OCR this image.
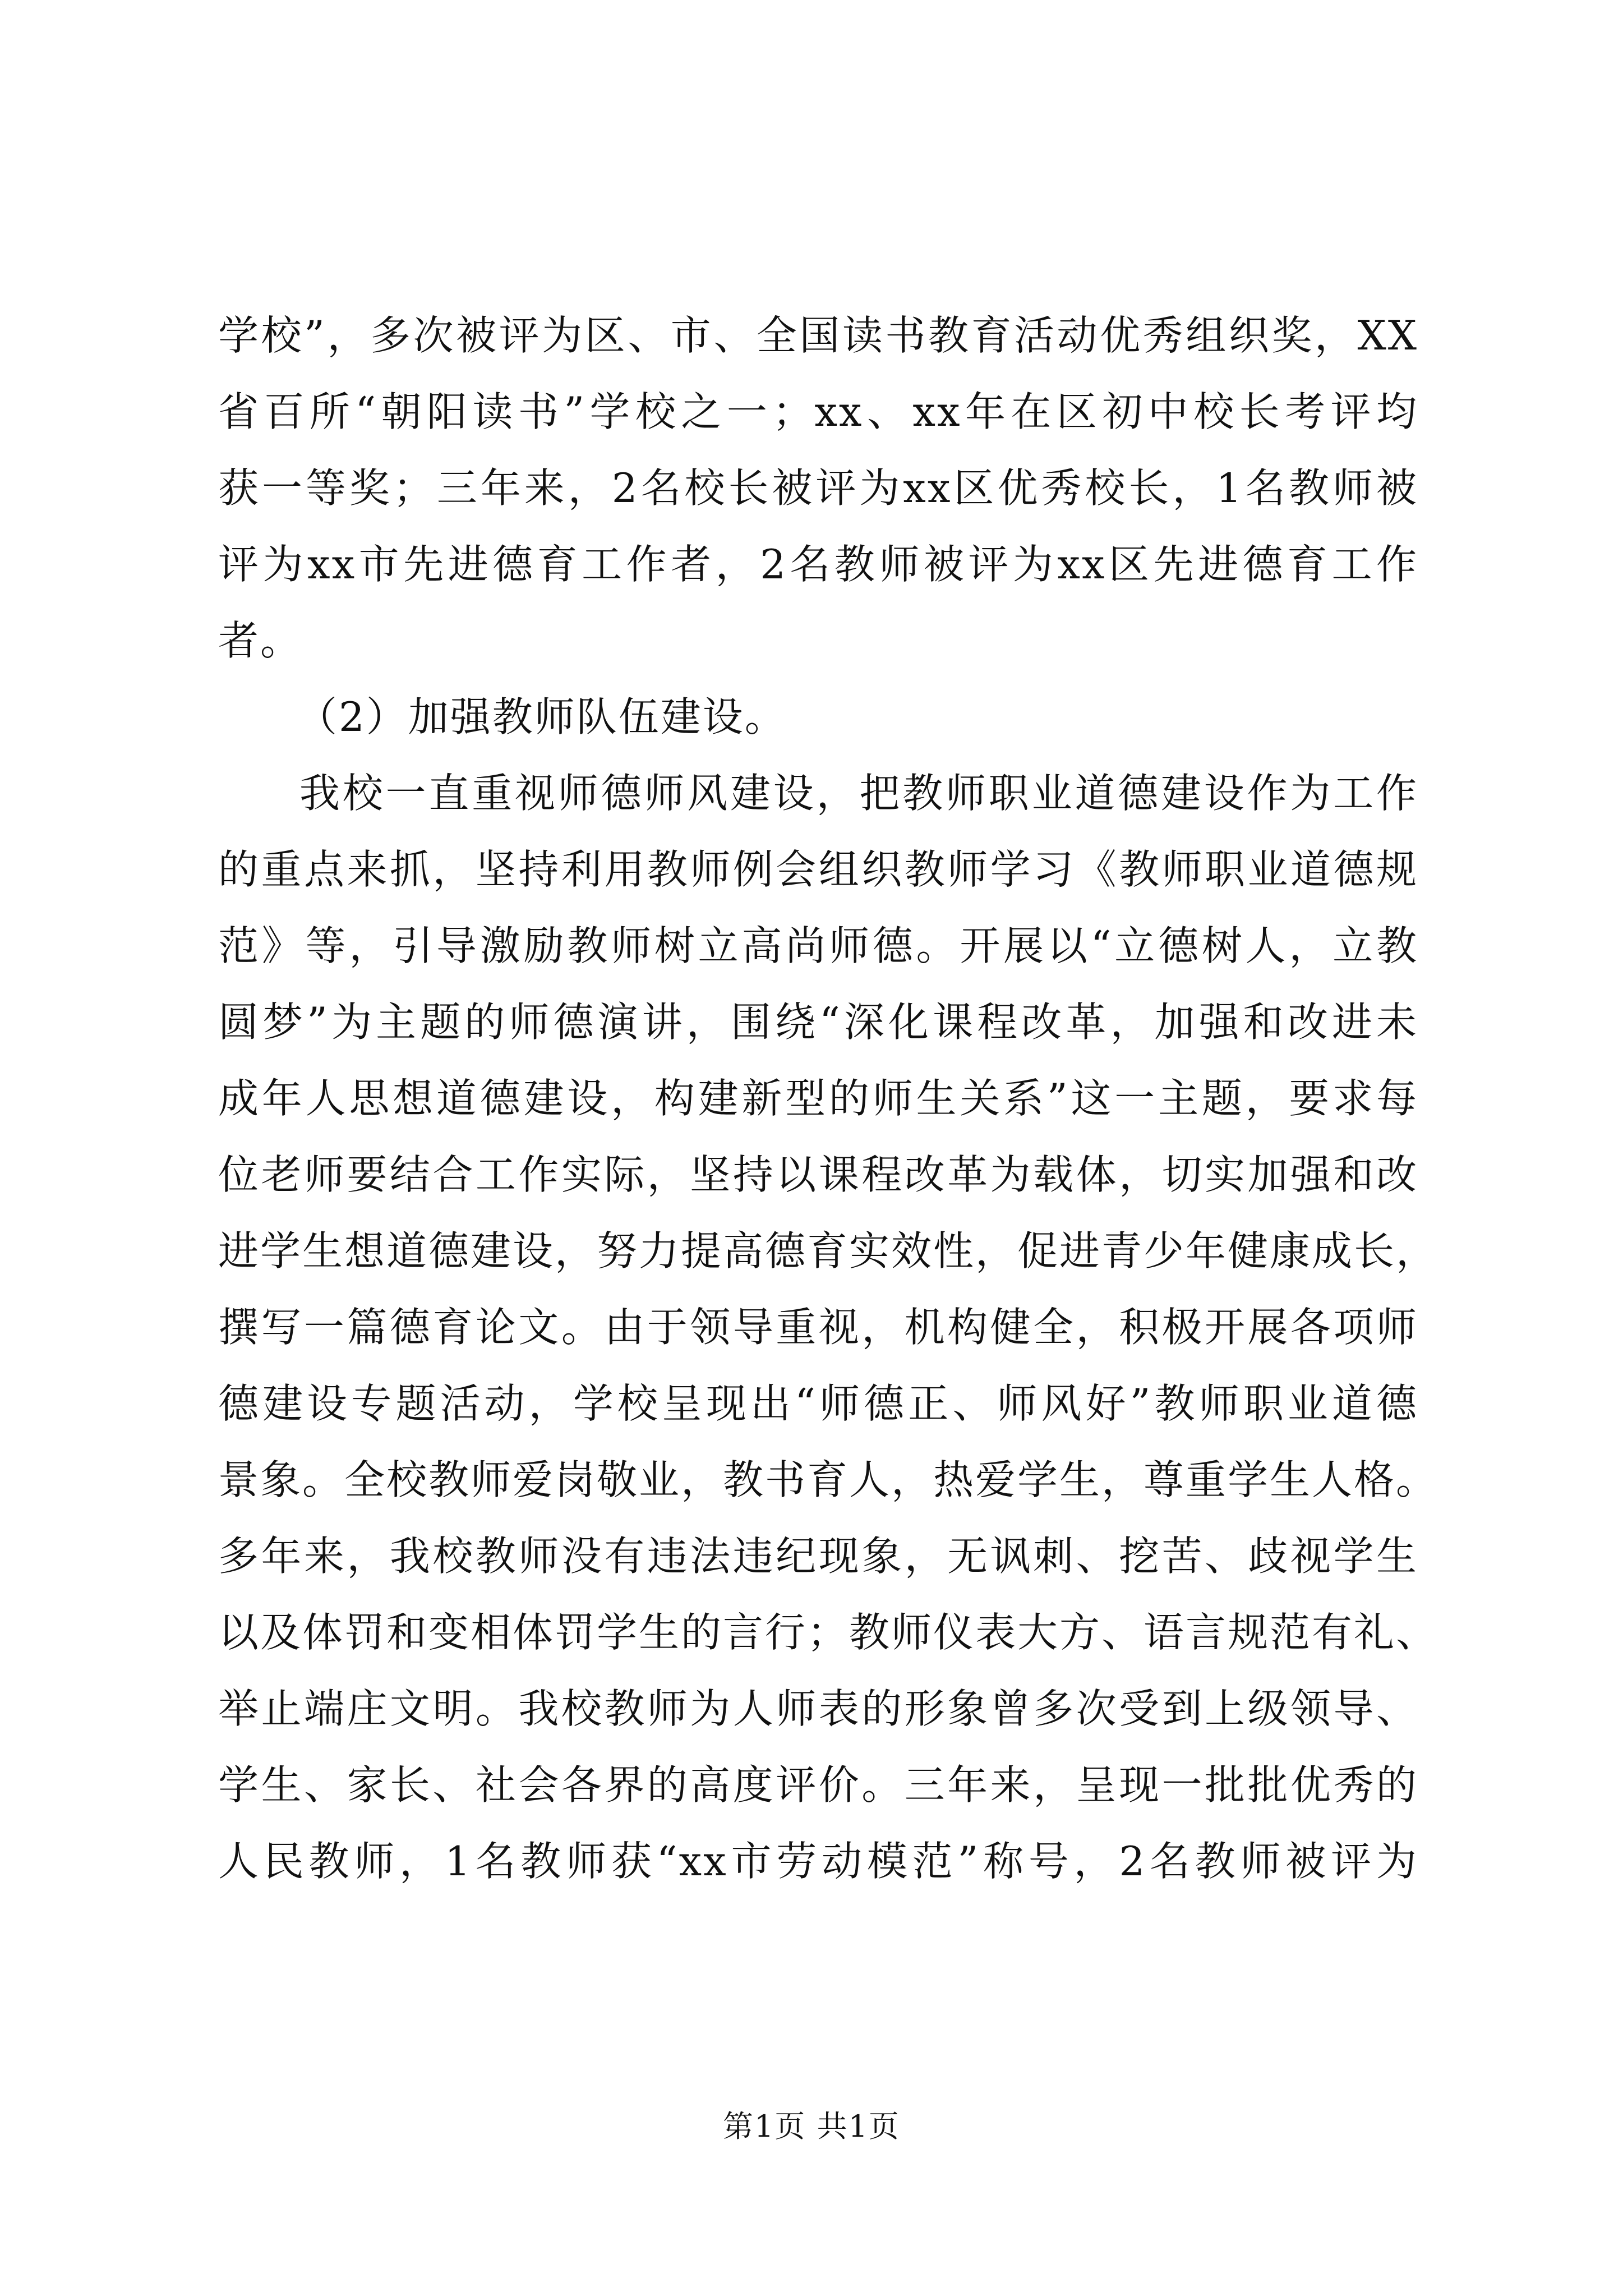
学校”，多次被评为区、市、全国读书教育活动优秀组织奖，XX
省百所“朝阳读书”学校之一；xx、xx年在区初中校长考评均
获一等奖；三年来，2名校长被评为xx区优秀校长，1名教师被
评为xx市先进德育工作者，2名教师被评为xx区先进德育工作
者。
（2）加强教师队伍建设。
我校一直重视师德师风建设，把教师职业道德建设作为工作
的重点来抓，坚持利用教师例会组织教师学习《教师职业道德规
范》等，引导激励教师树立高尚师德。开展以“立德树人，立教
圆梦”为主题的师德演讲，围绕“深化课程改革，加强和改进未
成年人思想道德建设，构建新型的师生关系”这一主题，要求每
位老师要结合工作实际，坚持以课程改革为载体，切实加强和改
进学生想道德建设，努力提高德育实效性，促进青少年健康成长，
撰写一篇德育论文。由于领导重视，机构健全，积极开展各项师
德建设专题活动，学校呈现出“师德正、师风好”教师职业道德
景象。全校教师爱岗敬业，教书育人，热爱学生，尊重学生人格。
多年来，我校教师没有违法违纪现象，无讽刺、挖苦、歧视学生
以及体罚和变相体罚学生的言行；教师仪表大方、语言规范有礼、
举止端庄文明。我校教师为人师表的形象曾多次受到上级领导、
学生、家长、社会各界的高度评价。三年来，呈现一批批优秀的
人民教师，1名教师获“xx市劳动模范”称号，2名教师被评为
第1页 共1页
